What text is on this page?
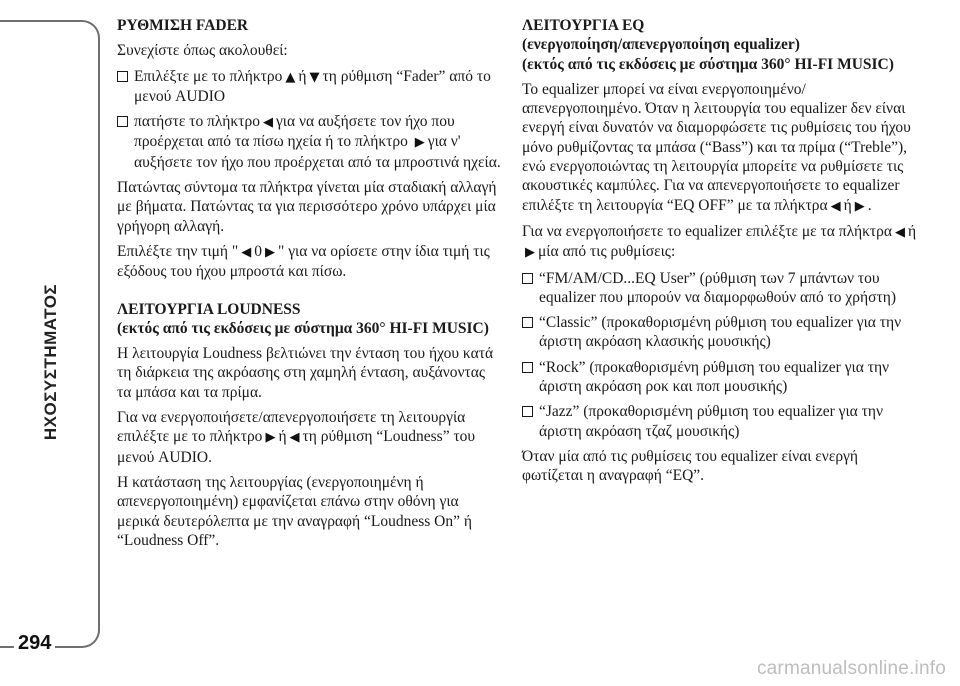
ΗΧΟΣΥΣΤΗΜΑΤΟΣ
294

ΡΥΘΜΙΣΗ FADER

Συνεχίστε όπως ακολουθεί:

Επιλέξτε με το πλήκτρο ▲ ή ▼ τη ρύθμιση “Fader” από το μενού AUDIO
πατήστε το πλήκτρο ◀ για να αυξήσετε τον ήχο που προέρχεται από τα πίσω ηχεία ή το πλήκτρο ▶ για ν' αυξήσετε τον ήχο που προέρχεται από τα μπροστινά ηχεία.

Πατώντας σύντομα τα πλήκτρα γίνεται μία σταδιακή αλλαγή με βήματα. Πατώντας τα για περισσότερο χρόνο υπάρχει μία γρήγορη αλλαγή.

Επιλέξτε την τιμή " ◀ 0 ▶ " για να ορίσετε στην ίδια τιμή τις εξόδους του ήχου μπροστά και πίσω.

ΛΕΙΤΟΥΡΓΙΑ LOUDNESS

(εκτός από τις εκδόσεις με σύστημα 360° HI-FI MUSIC)

Η λειτουργία Loudness βελτιώνει την ένταση του ήχου κατά τη διάρκεια της ακρόασης στη χαμηλή ένταση, αυξάνοντας τα μπάσα και τα πρίμα.

Για να ενεργοποιήσετε/απενεργοποιήσετε τη λειτουργία επιλέξτε με το πλήκτρο ▶ ή ◀ τη ρύθμιση “Loudness” του μενού AUDIO.

Η κατάσταση της λειτουργίας (ενεργοποιημένη ή απενεργοποιημένη) εμφανίζεται επάνω στην οθόνη για μερικά δευτερόλεπτα με την αναγραφή “Loudness On” ή “Loudness Off”.

ΛΕΙΤΟΥΡΓΙΑ EQ

(ενεργοποίηση/απενεργοποίηση equalizer)

(εκτός από τις εκδόσεις με σύστημα 360° HI-FI MUSIC)

Το equalizer μπορεί να είναι ενεργοποιημένο/απενεργοποιημένο. Όταν η λειτουργία του equalizer δεν είναι ενεργή είναι δυνατόν να διαμορφώσετε τις ρυθμίσεις του ήχου μόνο ρυθμίζοντας τα μπάσα (“Bass”) και τα πρίμα (“Treble”), ενώ ενεργοποιώντας τη λειτουργία μπορείτε να ρυθμίσετε τις ακουστικές καμπύλες. Για να απενεργοποιήσετε το equalizer επιλέξτε τη λειτουργία “EQ OFF” με τα πλήκτρα ◀ ή ▶ .

Για να ενεργοποιήσετε το equalizer επιλέξτε με τα πλήκτρα ◀ ή▶ μία από τις ρυθμίσεις:

“FM/AM/CD...EQ User” (ρύθμιση των 7 μπάντων του equalizer που μπορούν να διαμορφωθούν από το χρήστη)
“Classic” (προκαθορισμένη ρύθμιση του equalizer για την άριστη ακρόαση κλασικής μουσικής)
“Rock” (προκαθορισμένη ρύθμιση του equalizer για την άριστη ακρόαση ροκ και ποπ μουσικής)
“Jazz” (προκαθορισμένη ρύθμιση του equalizer για την άριστη ακρόαση τζαζ μουσικής)

Όταν μία από τις ρυθμίσεις του equalizer είναι ενεργή φωτίζεται η αναγραφή “EQ”.

carmanualsonline.info
